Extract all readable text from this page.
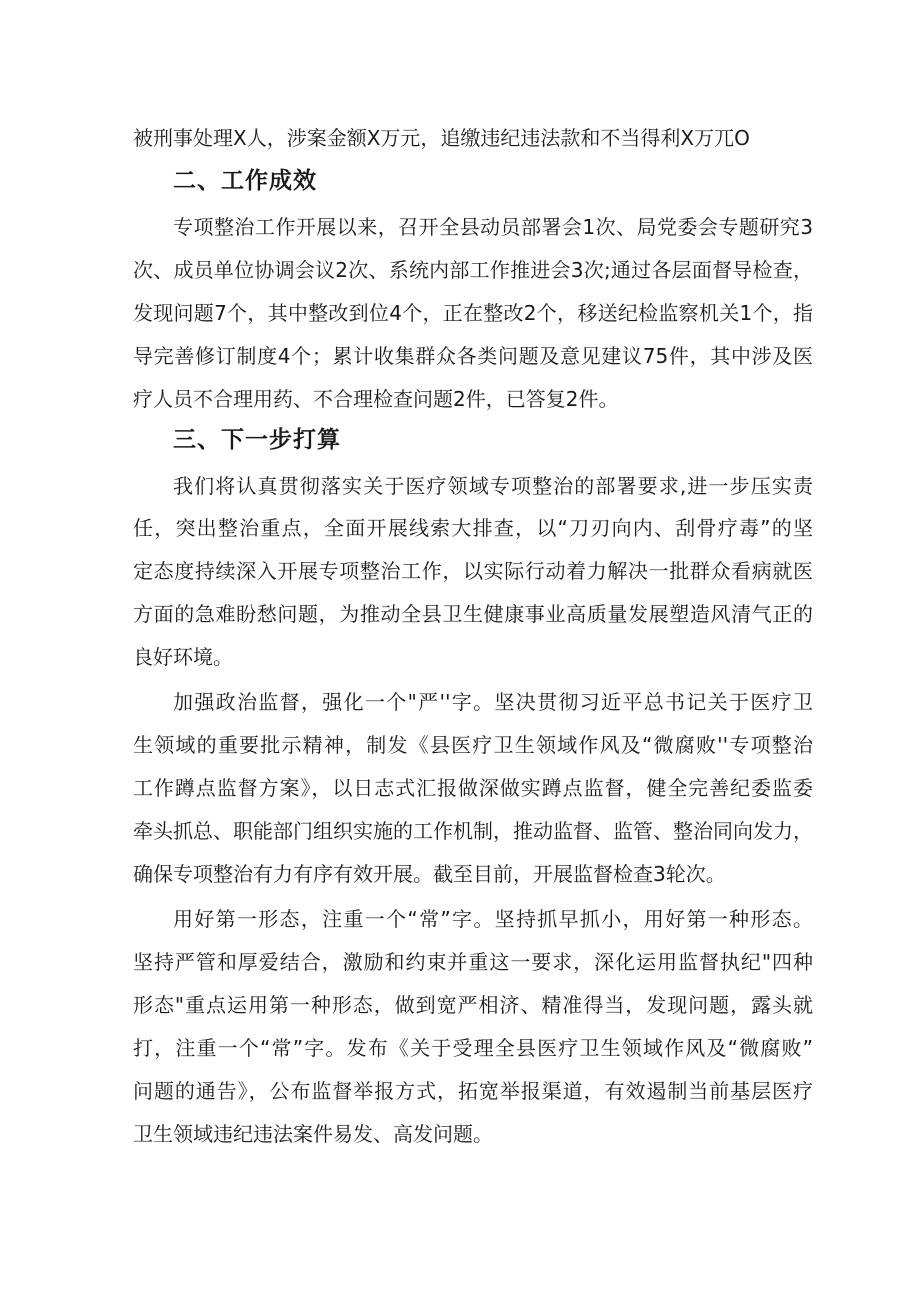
被刑事处理X人，涉案金额X万元，追缴违纪违法款和不当得利X万兀O
二、工作成效
专项整治工作开展以来，召开全县动员部署会1次、局党委会专题研究3
次、成员单位协调会议2次、系统内部工作推进会3次;通过各层面督导检查，
发现问题7个，其中整改到位4个，正在整改2个，移送纪检监察机关1个，指
导完善修订制度4个；累计收集群众各类问题及意见建议75件，其中涉及医
疗人员不合理用药、不合理检查问题2件，已答复2件。
三、下一步打算
我们将认真贯彻落实关于医疗领域专项整治的部署要求,进一步压实责
任，突出整治重点，全面开展线索大排查，以“刀刃向内、刮骨疗毒”的坚
定态度持续深入开展专项整治工作，以实际行动着力解决一批群众看病就医
方面的急难盼愁问题，为推动全县卫生健康事业高质量发展塑造风清气正的
良好环境。
加强政治监督，强化一个"严''字。坚决贯彻习近平总书记关于医疗卫
生领域的重要批示精神，制发《县医疗卫生领域作风及“微腐败''专项整治
工作蹲点监督方案》，以日志式汇报做深做实蹲点监督，健全完善纪委监委
牵头抓总、职能部门组织实施的工作机制，推动监督、监管、整治同向发力，
确保专项整治有力有序有效开展。截至目前，开展监督检查3轮次。
用好第一形态，注重一个“常”字。坚持抓早抓小，用好第一种形态。
坚持严管和厚爱结合，激励和约束并重这一要求，深化运用监督执纪"四种
形态"重点运用第一种形态，做到宽严相济、精准得当，发现问题，露头就
打，注重一个“常”字。发布《关于受理全县医疗卫生领域作风及“微腐败”
问题的通告》，公布监督举报方式，拓宽举报渠道，有效遏制当前基层医疗
卫生领域违纪违法案件易发、高发问题。
